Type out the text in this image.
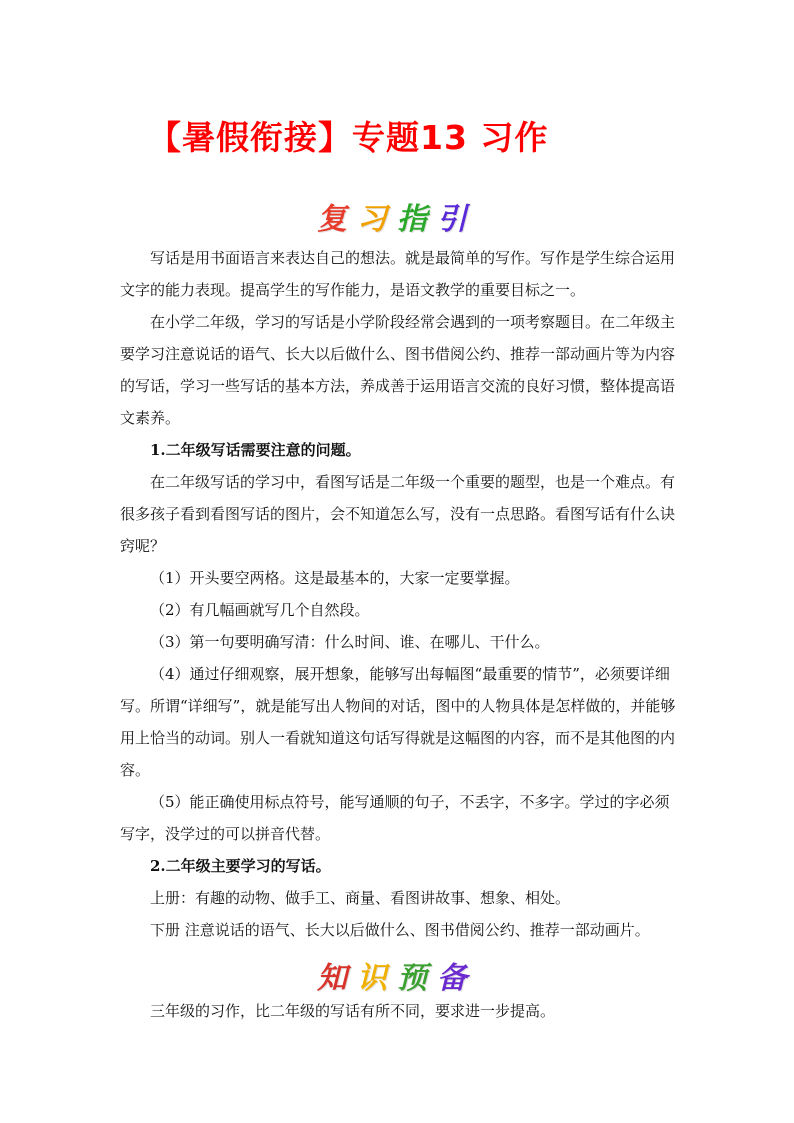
【暑假衔接】专题13 习作
复习指引

写话是用书面语言来表达自己的想法。就是最简单的写作。写作是学生综合运用文字的能力表现。提高学生的写作能力，是语文教学的重要目标之一。

在小学二年级，学习的写话是小学阶段经常会遇到的一项考察题目。在二年级主要学习注意说话的语气、长大以后做什么、图书借阅公约、推荐一部动画片等为内容的写话，学习一些写话的基本方法，养成善于运用语言交流的良好习惯，整体提高语文素养。

1.二年级写话需要注意的问题。

在二年级写话的学习中，看图写话是二年级一个重要的题型，也是一个难点。有很多孩子看到看图写话的图片，会不知道怎么写，没有一点思路。看图写话有什么诀窍呢？

（1）开头要空两格。这是最基本的，大家一定要掌握。

（2）有几幅画就写几个自然段。

（3）第一句要明确写清：什么时间、谁、在哪儿、干什么。

（4）通过仔细观察，展开想象，能够写出每幅图“最重要的情节”，必须要详细写。所谓“详细写”，就是能写出人物间的对话，图中的人物具体是怎样做的，并能够用上恰当的动词。别人一看就知道这句话写得就是这幅图的内容，而不是其他图的内容。

（5）能正确使用标点符号，能写通顺的句子，不丢字，不多字。学过的字必须写字，没学过的可以拼音代替。

2.二年级主要学习的写话。

上册：有趣的动物、做手工、商量、看图讲故事、想象、相处。

下册 注意说话的语气、长大以后做什么、图书借阅公约、推荐一部动画片。

知识预备

三年级的习作，比二年级的写话有所不同，要求进一步提高。
